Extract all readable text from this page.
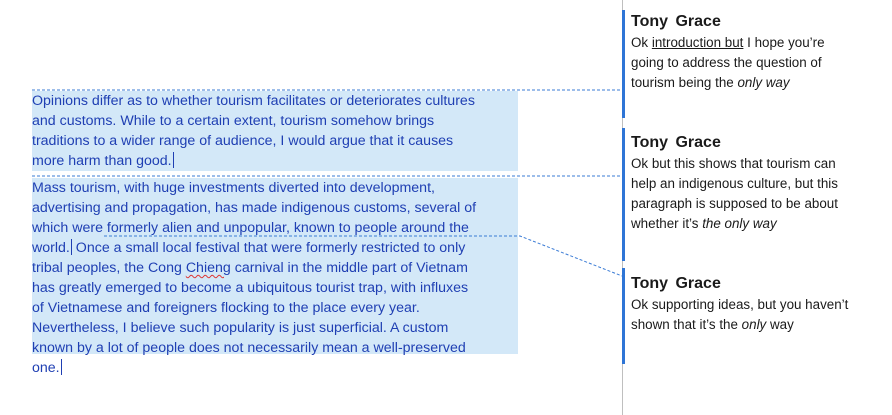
Opinions differ as to whether tourism facilitates or deteriorates cultures
and customs. While to a certain extent, tourism somehow brings
traditions to a wider range of audience, I would argue that it causes
more harm than good.
Mass tourism, with huge investments diverted into development,
advertising and propagation, has made indigenous customs, several of
which were formerly alien and unpopular, known to people around the
world. Once a small local festival that were formerly restricted to only
tribal peoples, the Cong Chieng carnival in the middle part of Vietnam
has greatly emerged to become a ubiquitous tourist trap, with influxes
of Vietnamese and foreigners flocking to the place every year.
Nevertheless, I believe such popularity is just superficial. A custom
known by a lot of people does not necessarily mean a well-preserved
one.
Tony Grace
Ok introduction but I hope you’re
going to address the question of
tourism being the only way
Tony Grace
Ok but this shows that tourism can
help an indigenous culture, but this
paragraph is supposed to be about
whether it’s the only way
Tony Grace
Ok supporting ideas, but you haven’t
shown that it’s the only way
